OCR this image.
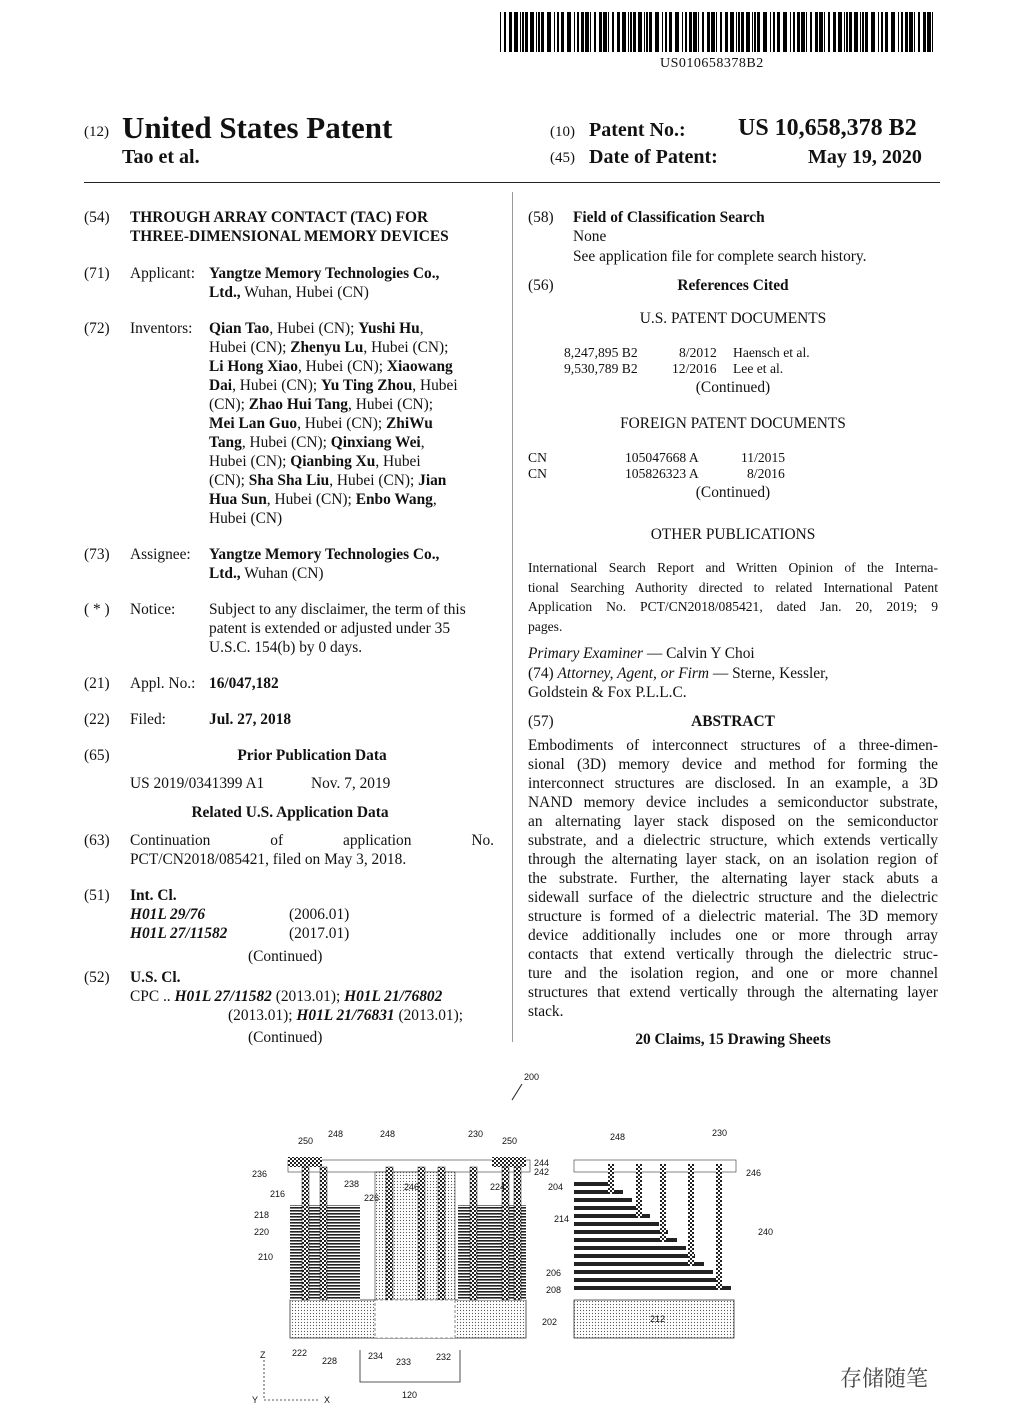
US010658378B2
(12) United States Patent
Tao et al.
(10) Patent No.: US 10,658,378 B2
(45) Date of Patent:	May 19, 2020
(54) THROUGH ARRAY CONTACT (TAC) FOR
THREE-DIMENSIONAL MEMORY DEVICES
(71) Applicant: Yangtze Memory Technologies Co.,
Ltd., Wuhan, Hubei (CN)
(72) Inventors: Qian Tao, Hubei (CN); Yushi Hu,
Hubei (CN); Zhenyu Lu, Hubei (CN);
Li Hong Xiao, Hubei (CN); Xiaowang
Dai, Hubei (CN); Yu Ting Zhou, Hubei
(CN); Zhao Hui Tang, Hubei (CN);
Mei Lan Guo, Hubei (CN); ZhiWu
Tang, Hubei (CN); Qinxiang Wei,
Hubei (CN); Qianbing Xu, Hubei
(CN); Sha Sha Liu, Hubei (CN); Jian
Hua Sun, Hubei (CN); Enbo Wang,
Hubei (CN)
(73) Assignee: Yangtze Memory Technologies Co.,
Ltd., Wuhan (CN)
( * ) Notice: Subject to any disclaimer, the term of this
patent is extended or adjusted under 35
U.S.C. 154(b) by 0 days.
(21) Appl. No.: 16/047,182
(22) Filed:	Jul. 27, 2018
(65)	Prior Publication Data
US 2019/0341399 A1	Nov. 7, 2019
Related U.S. Application Data
(63) Continuation of application No.
PCT/CN2018/085421, filed on May 3, 2018.
(51) Int. Cl.
H01L 29/76	(2006.01)
H01L 27/11582	(2017.01)
(Continued)
(52) U.S. Cl.
CPC .. H01L 27/11582 (2013.01); H01L 21/76802
(2013.01); H01L 21/76831 (2013.01);
(Continued)
(58) Field of Classification Search
None
See application file for complete search history.
(56)	References Cited
U.S. PATENT DOCUMENTS
8,247,895 B2	8/2012 Haensch et al.
9,530,789 B2	12/2016 Lee et al.
(Continued)
FOREIGN PATENT DOCUMENTS
CN	105047668 A	11/2015
CN	105826323 A	8/2016
(Continued)
OTHER PUBLICATIONS
International Search Report and Written Opinion of the Interna-
tional Searching Authority directed to related International Patent
Application No. PCT/CN2018/085421, dated Jan. 20, 2019; 9
pages.
Primary Examiner — Calvin Y Choi
(74) Attorney, Agent, or Firm — Sterne, Kessler,
Goldstein & Fox P.L.L.C.
(57)	ABSTRACT
Embodiments of interconnect structures of a three-dimen-
sional (3D) memory device and method for forming the
interconnect structures are disclosed. In an example, a 3D
NAND memory device includes a semiconductor substrate,
an alternating layer stack disposed on the semiconductor
substrate, and a dielectric structure, which extends vertically
through the alternating layer stack, on an isolation region of
the substrate. Further, the alternating layer stack abuts a
sidewall surface of the dielectric structure and the dielectric
structure is formed of a dielectric material. The 3D memory
device additionally includes one or more through array
contacts that extend vertically through the dielectric struc-
ture and the isolation region, and one or more channel
structures that extend vertically through the alternating layer
stack.
20 Claims, 15 Drawing Sheets
200
250
248	248	230
250
244
242
236
238
226
246	224	204
216
218
220
210
206
208
202
222
228	234
233	232
120
248	230
246
214
240
212
Z
Y	X
存储随笔
